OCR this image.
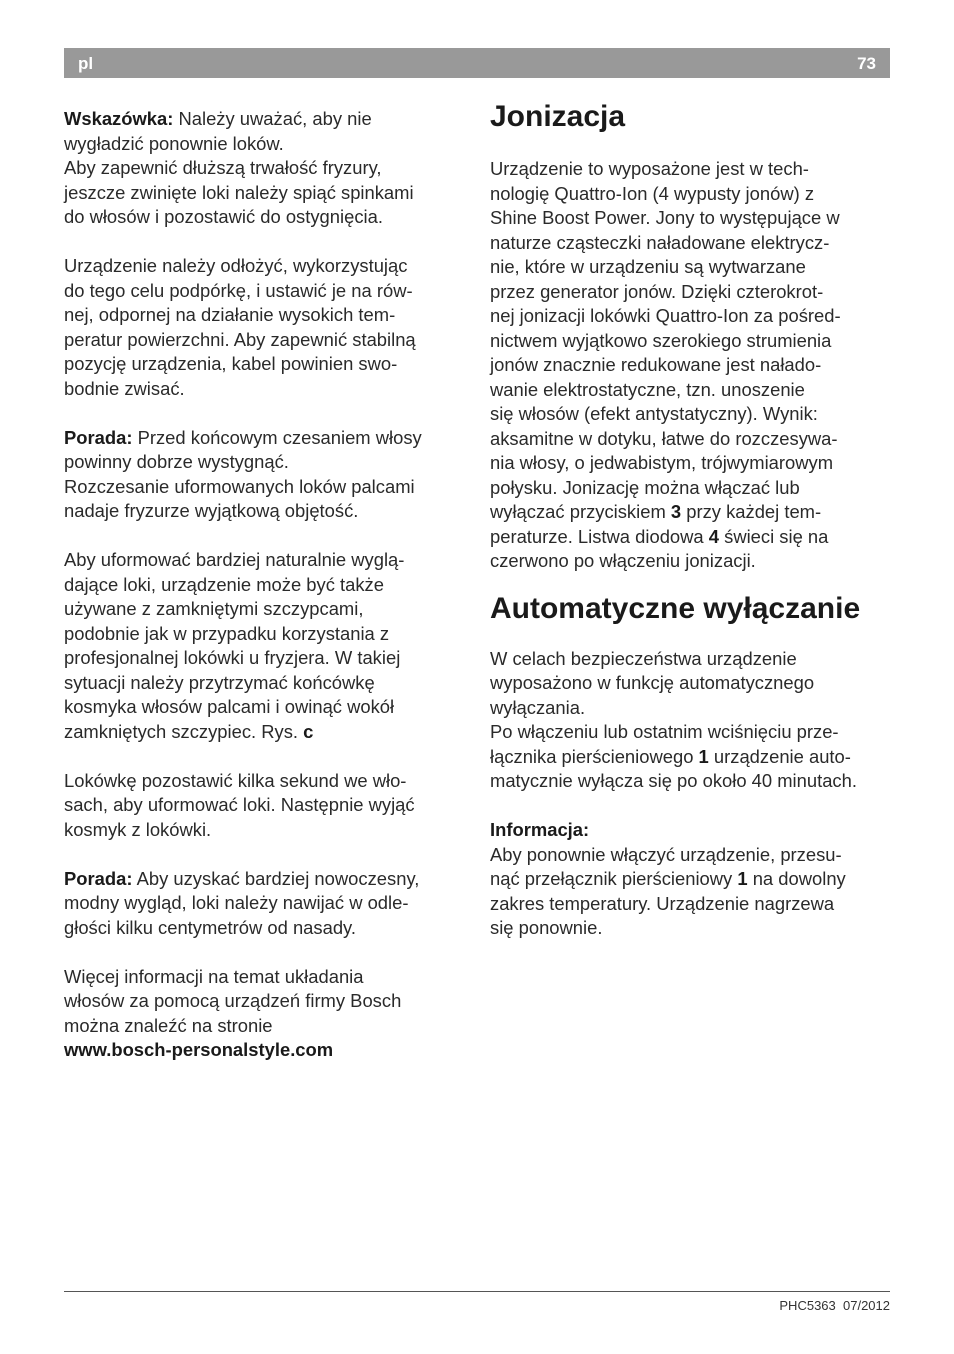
pl	73

Wskazówka: Należy uważać, aby nie
wygładzić ponownie loków.
Aby zapewnić dłuższą trwałość fryzury,
jeszcze zwinięte loki należy spiąć spinkami
do włosów i pozostawić do ostygnięcia.

Urządzenie należy odłożyć, wykorzystując
do tego celu podpórkę, i ustawić je na rów-
nej, odpornej na działanie wysokich tem-
peratur powierzchni. Aby zapewnić stabilną
pozycję urządzenia, kabel powinien swo-
bodnie zwisać.

Porada: Przed końcowym czesaniem włosy
powinny dobrze wystygnąć.
Rozczesanie uformowanych loków palcami
nadaje fryzurze wyjątkową objętość.

Aby uformować bardziej naturalnie wyglą-
dające loki, urządzenie może być także
używane z zamkniętymi szczypcami,
podobnie jak w przypadku korzystania z
profesjonalnej lokówki u fryzjera. W takiej
sytuacji należy przytrzymać końcówkę
kosmyka włosów palcami i owinąć wokół
zamkniętych szczypiec. Rys. c

Lokówkę pozostawić kilka sekund we wło-
sach, aby uformować loki. Następnie wyjąć
kosmyk z lokówki.

Porada: Aby uzyskać bardziej nowoczesny,
modny wygląd, loki należy nawijać w odle-
głości kilku centymetrów od nasady.

Więcej informacji na temat układania
włosów za pomocą urządzeń firmy Bosch
można znaleźć na stronie
www.bosch-personalstyle.com

Jonizacja

Urządzenie to wyposażone jest w tech-
nologię Quattro-Ion (4 wypusty jonów) z
Shine Boost Power. Jony to występujące w
naturze cząsteczki naładowane elektrycz-
nie, które w urządzeniu są wytwarzane
przez generator jonów. Dzięki czterokrot-
nej jonizacji lokówki Quattro-Ion za pośred-
nictwem wyjątkowo szerokiego strumienia
jonów znacznie redukowane jest nałado-
wanie elektrostatyczne, tzn. unoszenie
się włosów (efekt antystatyczny). Wynik:
aksamitne w dotyku, łatwe do rozczesywa-
nia włosy, o jedwabistym, trójwymiarowym
połysku. Jonizację można włączać lub
wyłączać przyciskiem 3 przy każdej tem-
peraturze. Listwa diodowa 4 świeci się na
czerwono po włączeniu jonizacji.

Automatyczne wyłączanie

W celach bezpieczeństwa urządzenie
wyposażono w funkcję automatycznego
wyłączania.
Po włączeniu lub ostatnim wciśnięciu prze-
łącznika pierścieniowego 1 urządzenie auto-
matycznie wyłącza się po około 40 minutach.

Informacja:
Aby ponownie włączyć urządzenie, przesu-
nąć przełącznik pierścieniowy 1 na dowolny
zakres temperatury. Urządzenie nagrzewa
się ponownie.

PHC5363 07/2012
